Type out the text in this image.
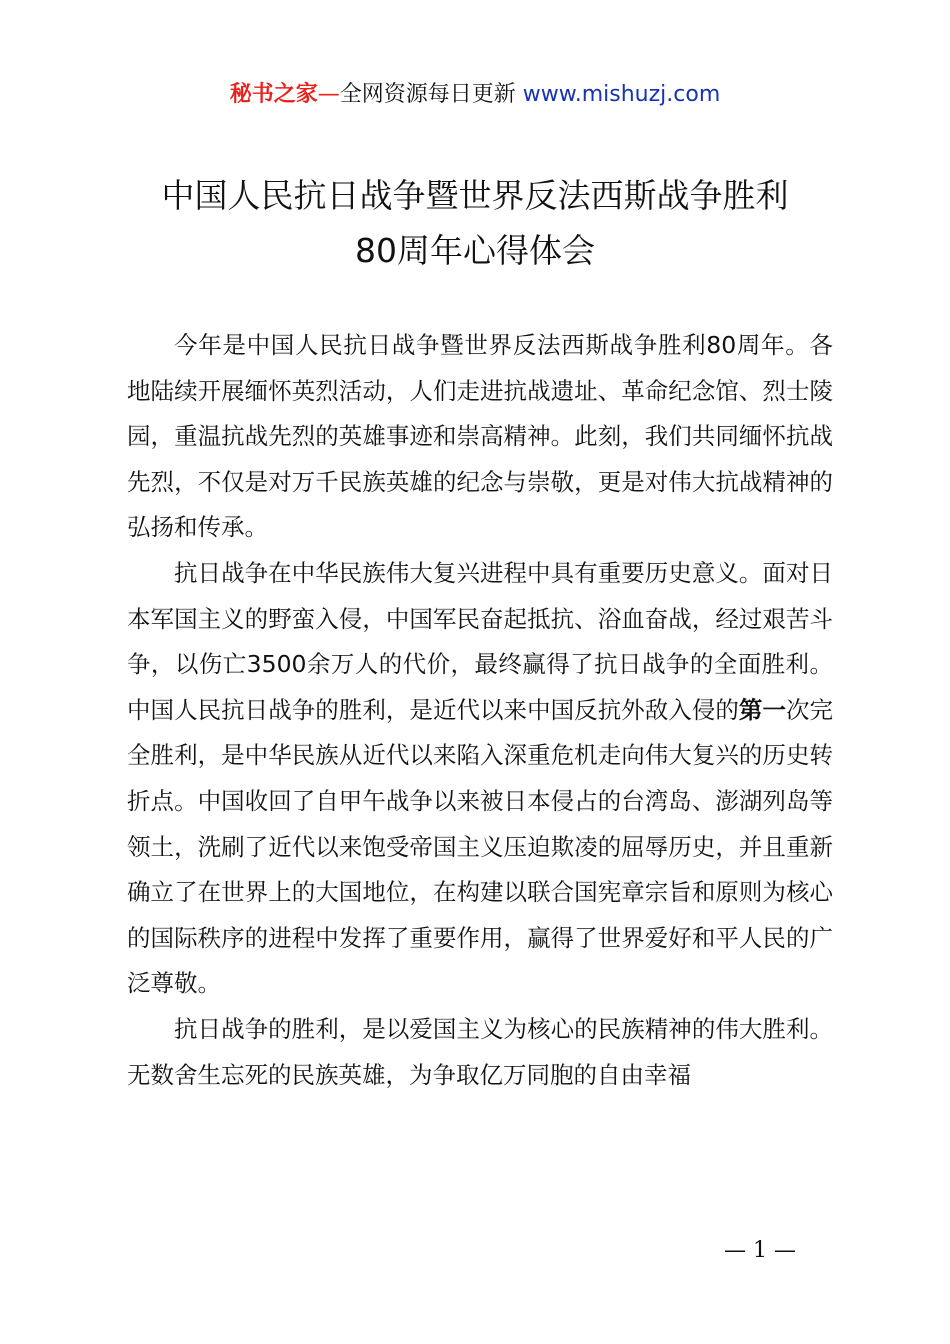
秘书之家—全网资源每日更新 www.mishuzj.com
中国人民抗日战争暨世界反法西斯战争胜利
80周年心得体会

今年是中国人民抗日战争暨世界反法西斯战争胜利80周年。各地陆续开展缅怀英烈活动，人们走进抗战遗址、革命纪念馆、烈士陵园，重温抗战先烈的英雄事迹和崇高精神。此刻，我们共同缅怀抗战先烈，不仅是对万千民族英雄的纪念与崇敬，更是对伟大抗战精神的弘扬和传承。

抗日战争在中华民族伟大复兴进程中具有重要历史意义。面对日本军国主义的野蛮入侵，中国军民奋起抵抗、浴血奋战，经过艰苦斗争，以伤亡3500余万人的代价，最终赢得了抗日战争的全面胜利。中国人民抗日战争的胜利，是近代以来中国反抗外敌入侵的第一次完全胜利，是中华民族从近代以来陷入深重危机走向伟大复兴的历史转折点。中国收回了自甲午战争以来被日本侵占的台湾岛、澎湖列岛等领土，洗刷了近代以来饱受帝国主义压迫欺凌的屈辱历史，并且重新确立了在世界上的大国地位，在构建以联合国宪章宗旨和原则为核心的国际秩序的进程中发挥了重要作用，赢得了世界爱好和平人民的广泛尊敬。

抗日战争的胜利，是以爱国主义为核心的民族精神的伟大胜利。无数舍生忘死的民族英雄，为争取亿万同胞的自由幸福

— 1 —
